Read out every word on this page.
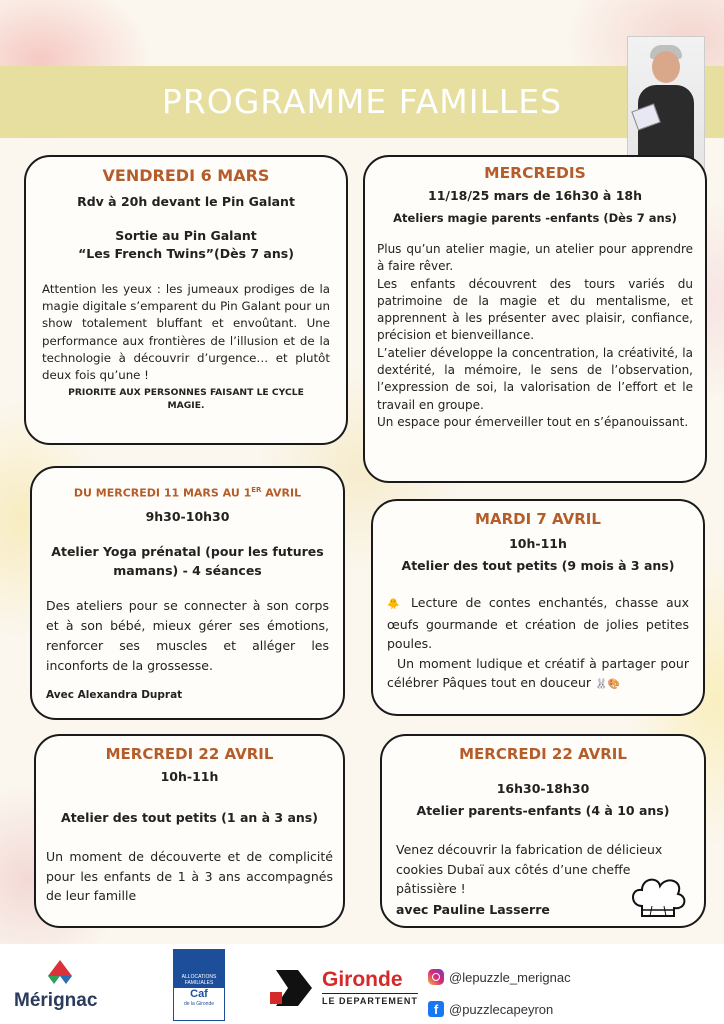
PROGRAMME FAMILLES
VENDREDI 6 MARS
Rdv à 20h devant le Pin Galant
Sortie au Pin Galant
“Les French Twins”(Dès 7 ans)

Attention les yeux : les jumeaux prodiges de la magie digitale s’emparent du Pin Galant pour un show totalement bluffant et envoûtant. Une performance aux frontières de l’illusion et de la technologie à découvrir d’urgence… et plutôt deux fois qu’une !

PRIORITE AUX PERSONNES FAISANT LE CYCLE MAGIE.
MERCREDIS
11/18/25 mars de 16h30 à 18h
Ateliers magie parents -enfants (Dès 7 ans)

Plus qu’un atelier magie, un atelier pour apprendre à faire rêver.

Les enfants découvrent des tours variés du patrimoine de la magie et du mentalisme, et apprennent à les présenter avec plaisir, confiance, précision et bienveillance.

L’atelier développe la concentration, la créativité, la dextérité, la mémoire, le sens de l’observation, l’expression de soi, la valorisation de l’effort et le travail en groupe.

Un espace pour émerveiller tout en s’épanouissant.

DU MERCREDI 11 MARS AU 1ER AVRIL
9h30-10h30
Atelier Yoga prénatal (pour les futures mamans) - 4 séances

Des ateliers pour se connecter à son corps et à son bébé, mieux gérer ses émotions, renforcer ses muscles et alléger les inconforts de la grossesse.

Avec Alexandra Duprat
MARDI 7 AVRIL
10h-11h
Atelier des tout petits (9 mois à 3 ans)

🐥 Lecture de contes enchantés, chasse aux œufs gourmande et création de jolies petites poules.

Un moment ludique et créatif à partager pour célébrer Pâques tout en douceur 🐰🎨

MERCREDI 22 AVRIL
10h-11h
Atelier des tout petits (1 an à 3 ans)

Un moment de découverte et de complicité pour les enfants de 1 à 3 ans accompagnés de leur famille

MERCREDI 22 AVRIL
16h30-18h30
Atelier parents-enfants (4 à 10 ans)

Venez découvrir la fabrication de délicieux cookies Dubaï aux côtés d’une cheffe pâtissière !

avec Pauline Lasserre
Mérignac
ALLOCATIONS FAMILIALES
Caf
de la Gironde
Gironde
LE DEPARTEMENT
@lepuzzle_merignac
f @puzzlecapeyron
